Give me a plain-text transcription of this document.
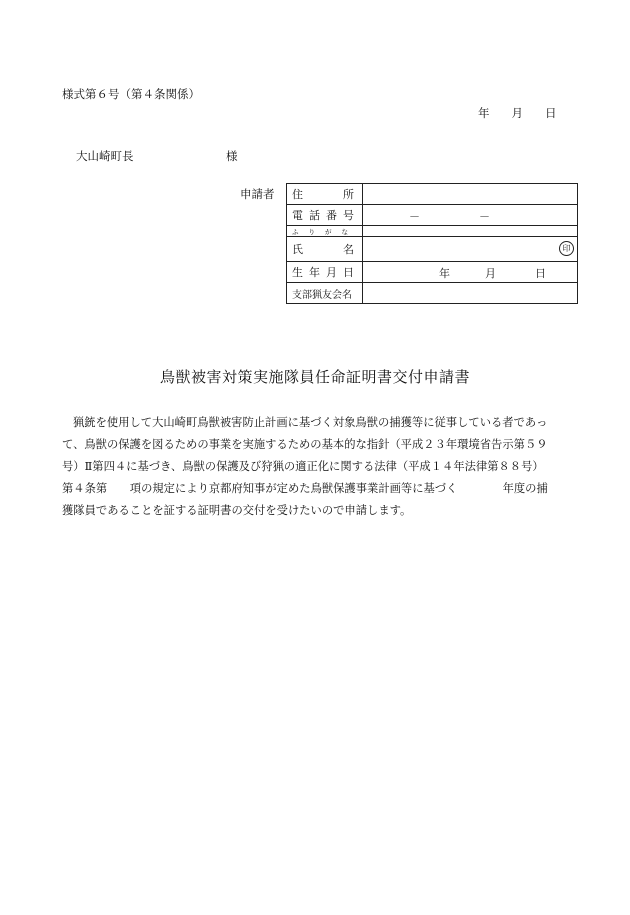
様式第６号（第４条関係）
年 月 日
大山崎町長	様
申請者 住 所	

電 話 番 号	－ －

ふ り が な	

氏 名	印

生 年 月 日	年 月 日

支部猟友会名	
鳥獣被害対策実施隊員任命証明書交付申請書
猟銃を使用して大山崎町鳥獣被害防止計画に基づく対象鳥獣の捕獲等に従事している者であっ
て、鳥獣の保護を図るための事業を実施するための基本的な指針（平成２３年環境省告示第５９
号）Ⅱ第四４に基づき、鳥獣の保護及び狩猟の適正化に関する法律（平成１４年法律第８８号）
第４条第　　項の規定により京都府知事が定めた鳥獣保護事業計画等に基づく　　　　年度の捕
獲隊員であることを証する証明書の交付を受けたいので申請します。
